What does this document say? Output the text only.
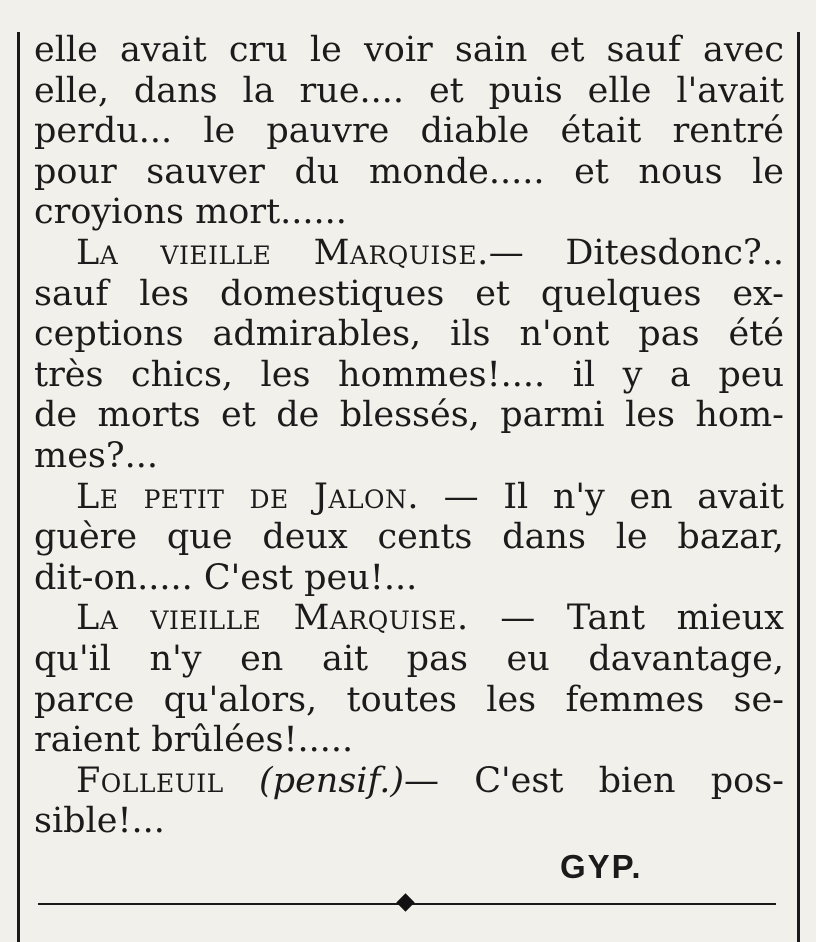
elle avait cru le voir sain et sauf avec
elle, dans la rue.... et puis elle l'avait
perdu... le pauvre diable était rentré
pour sauver du monde..... et nous le
croyions mort......
La vieille Marquise.— Ditesdonc?..
sauf les domestiques et quelques ex-
ceptions admirables, ils n'ont pas été
très chics, les hommes!.... il y a peu
de morts et de blessés, parmi les hom-
mes?...
Le petit de Jalon. — Il n'y en avait
guère que deux cents dans le bazar,
dit-on..... C'est peu!...
La vieille Marquise. — Tant mieux
qu'il n'y en ait pas eu davantage,
parce qu'alors, toutes les femmes se-
raient brûlées!.....
Folleuil (pensif.)— C'est bien pos-
sible!...
GYP.
